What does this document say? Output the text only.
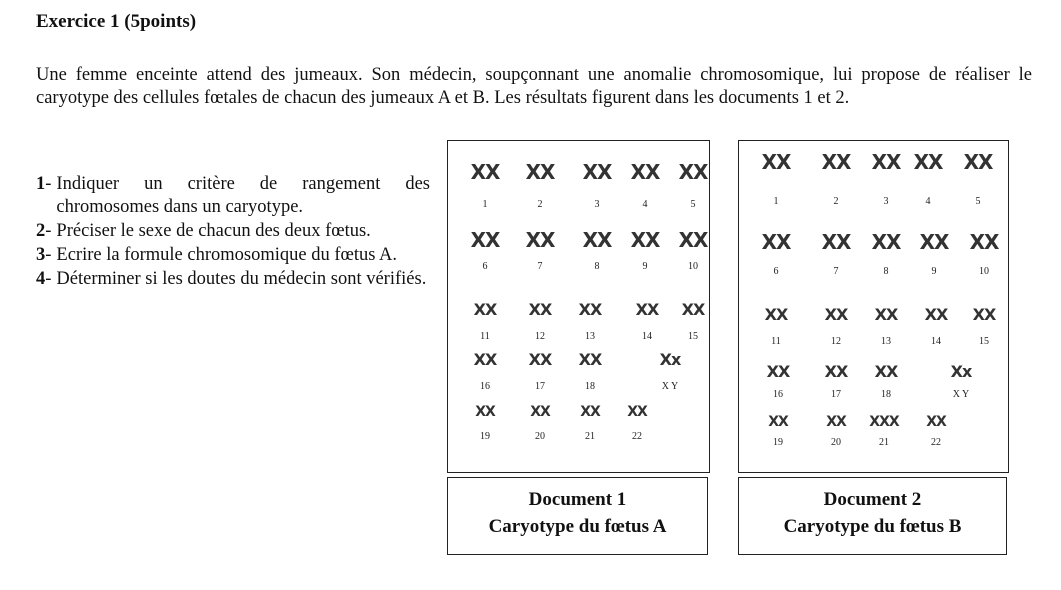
Exercice 1 (5points)
Une femme enceinte attend des jumeaux. Son médecin, soupçonnant une anomalie chromosomique, lui propose de réaliser le caryotype des cellules fœtales de chacun des jumeaux A et B. Les résultats figurent dans les documents 1 et 2.
1 - Indiquer un critère de rangement des chromosomes dans un caryotype.
2 - Préciser le sexe de chacun des deux fœtus.
3 - Ecrire la formule chromosomique du fœtus A.
4 - Déterminer si les doutes du médecin sont vérifiés.
XX
1
XX
2
XX
3
XX
4
XX
5
XX
6
XX
7
XX
8
XX
9
XX
10
XX
11
XX
12
XX
13
XX
14
XX
15
XX
16
XX
17
XX
18
Xx
X Y
XX
19
XX
20
XX
21
XX
22
Document 1
Caryotype du fœtus A
XX
1
XX
2
XX
3
XX
4
XX
5
XX
6
XX
7
XX
8
XX
9
XX
10
XX
11
XX
12
XX
13
XX
14
XX
15
XX
16
XX
17
XX
18
Xx
X Y
XX
19
XX
20
XXX
21
XX
22
Document 2
Caryotype du fœtus B
